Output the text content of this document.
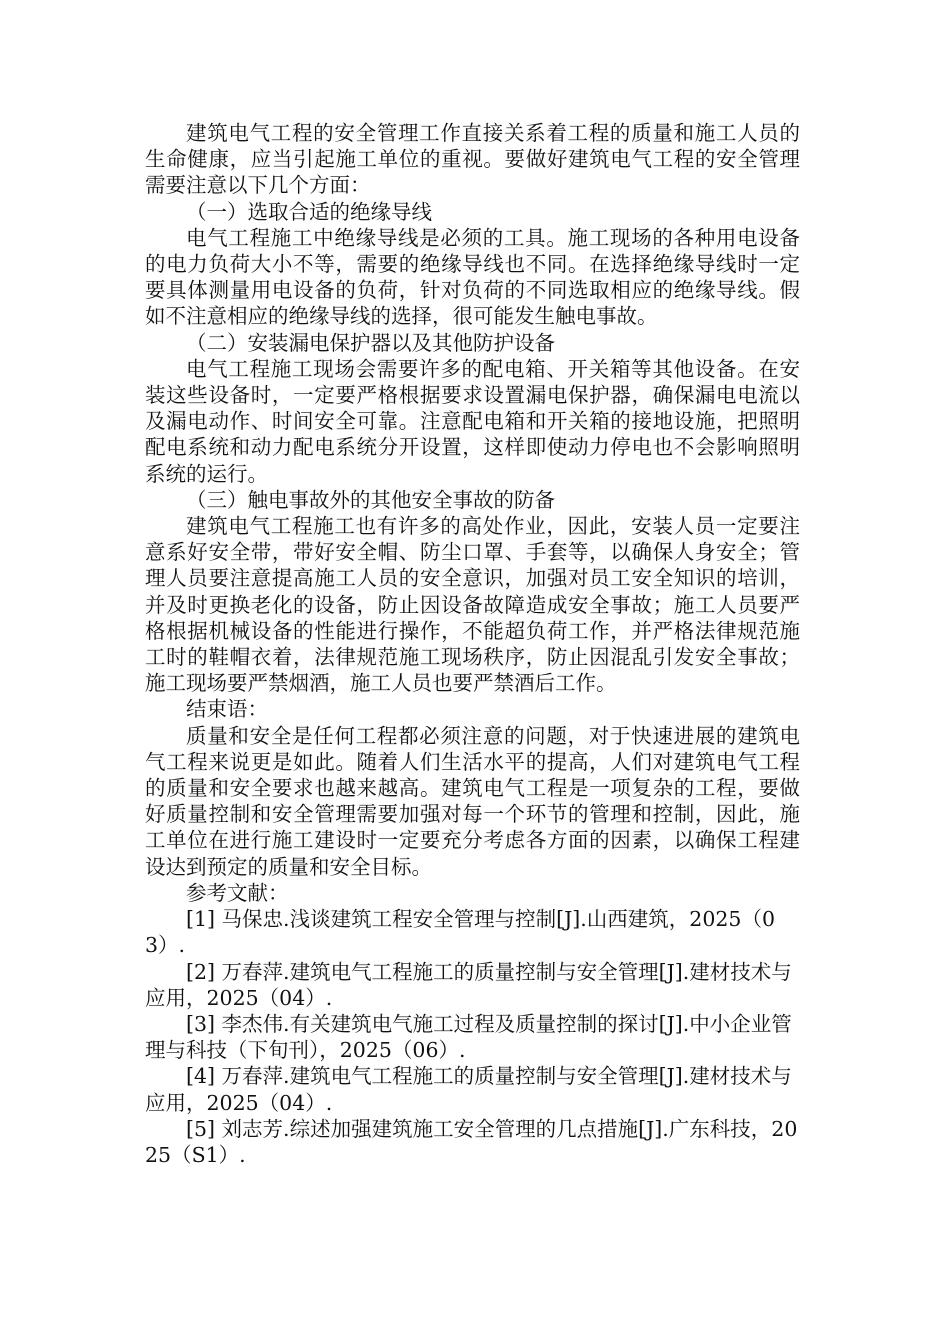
建筑电气工程的安全管理工作直接关系着工程的质量和施工人员的生命健康，应当引起施工单位的重视。要做好建筑电气工程的安全管理需要注意以下几个方面：

（一）选取合适的绝缘导线

电气工程施工中绝缘导线是必须的工具。施工现场的各种用电设备的电力负荷大小不等，需要的绝缘导线也不同。在选择绝缘导线时一定要具体测量用电设备的负荷，针对负荷的不同选取相应的绝缘导线。假如不注意相应的绝缘导线的选择，很可能发生触电事故。

（二）安装漏电保护器以及其他防护设备

电气工程施工现场会需要许多的配电箱、开关箱等其他设备。在安装这些设备时，一定要严格根据要求设置漏电保护器，确保漏电电流以及漏电动作、时间安全可靠。注意配电箱和开关箱的接地设施，把照明配电系统和动力配电系统分开设置，这样即使动力停电也不会影响照明系统的运行。

（三）触电事故外的其他安全事故的防备

建筑电气工程施工也有许多的高处作业，因此，安装人员一定要注意系好安全带，带好安全帽、防尘口罩、手套等，以确保人身安全；管理人员要注意提高施工人员的安全意识，加强对员工安全知识的培训，并及时更换老化的设备，防止因设备故障造成安全事故；施工人员要严格根据机械设备的性能进行操作，不能超负荷工作，并严格法律规范施工时的鞋帽衣着，法律规范施工现场秩序，防止因混乱引发安全事故；施工现场要严禁烟酒，施工人员也要严禁酒后工作。

结束语：

质量和安全是任何工程都必须注意的问题，对于快速进展的建筑电气工程来说更是如此。随着人们生活水平的提高，人们对建筑电气工程的质量和安全要求也越来越高。建筑电气工程是一项复杂的工程，要做好质量控制和安全管理需要加强对每一个环节的管理和控制，因此，施工单位在进行施工建设时一定要充分考虑各方面的因素，以确保工程建设达到预定的质量和安全目标。

参考文献：

[1] 马保忠.浅谈建筑工程安全管理与控制[J].山西建筑，2025（03）.

[2] 万春萍.建筑电气工程施工的质量控制与安全管理[J].建材技术与应用，2025（04）.

[3] 李杰伟.有关建筑电气施工过程及质量控制的探讨[J].中小企业管理与科技（下旬刊），2025（06）.

[4] 万春萍.建筑电气工程施工的质量控制与安全管理[J].建材技术与应用，2025（04）.

[5] 刘志芳.综述加强建筑施工安全管理的几点措施[J].广东科技，2025（S1）.
